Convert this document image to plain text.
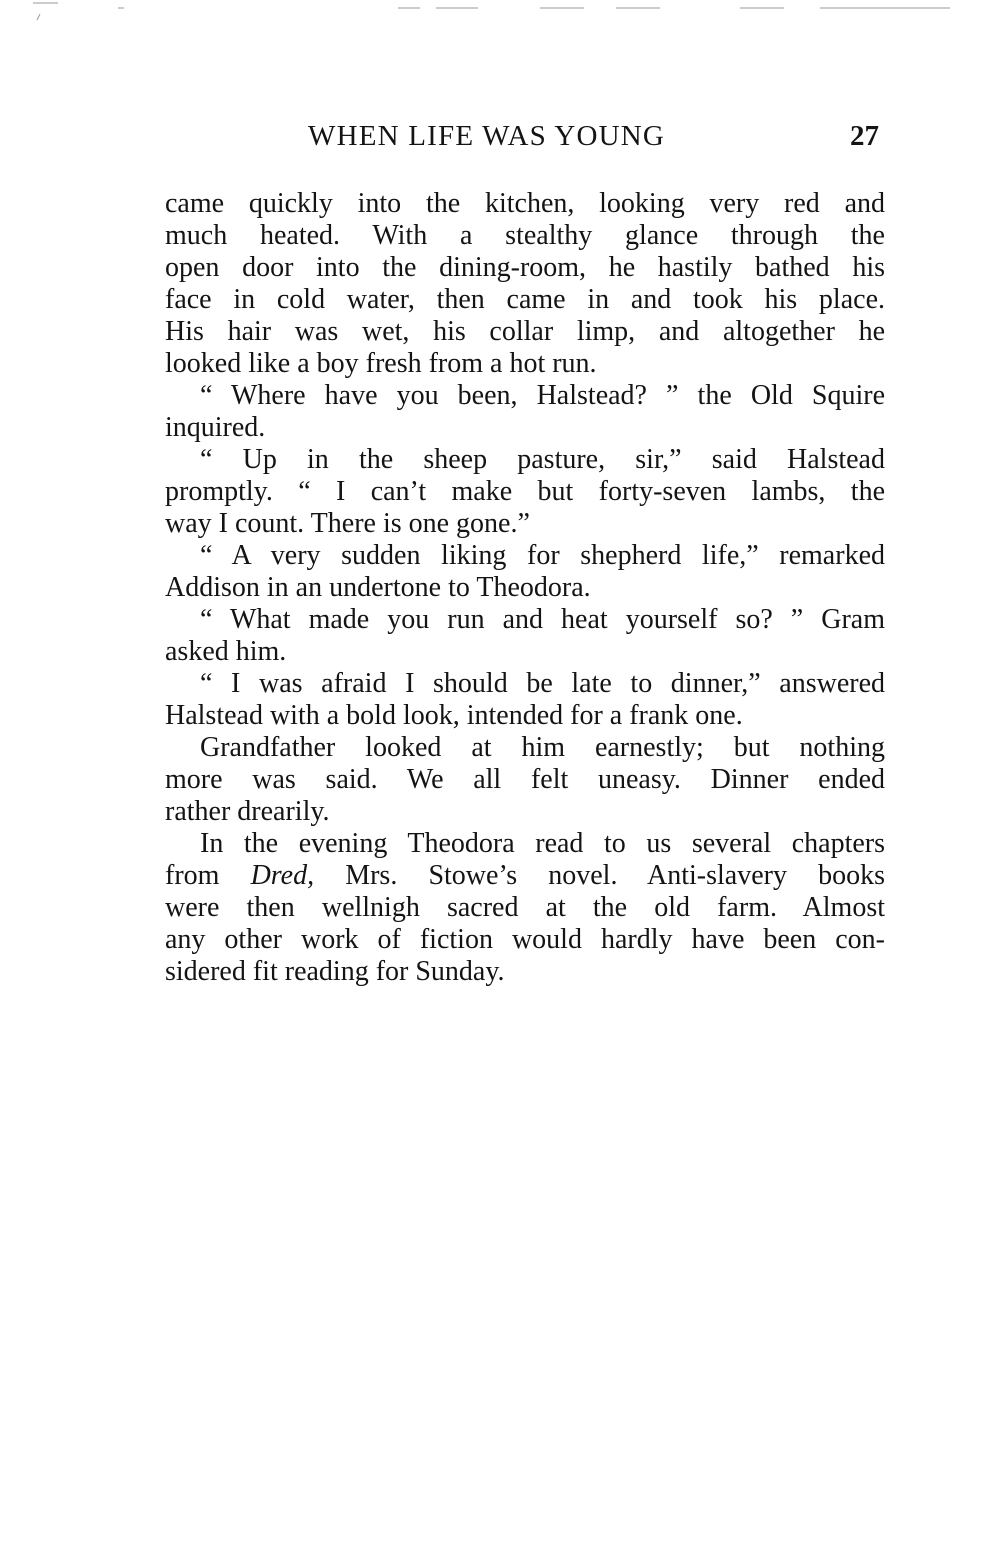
WHEN LIFE WAS YOUNG	27
came quickly into the kitchen, looking very red and
much heated. With a stealthy glance through the
open door into the dining-room, he hastily bathed his
face in cold water, then came in and took his place.
His hair was wet, his collar limp, and altogether he
looked like a boy fresh from a hot run.
“ Where have you been, Halstead? ” the Old Squire
inquired.
“ Up in the sheep pasture, sir,” said Halstead
promptly. “ I can’t make but forty-seven lambs, the
way I count. There is one gone.”
“ A very sudden liking for shepherd life,” remarked
Addison in an undertone to Theodora.
“ What made you run and heat yourself so? ” Gram
asked him.
“ I was afraid I should be late to dinner,” answered
Halstead with a bold look, intended for a frank one.
Grandfather looked at him earnestly; but nothing
more was said. We all felt uneasy. Dinner ended
rather drearily.
In the evening Theodora read to us several chapters
from Dred, Mrs. Stowe’s novel. Anti-slavery books
were then wellnigh sacred at the old farm. Almost
any other work of fiction would hardly have been con-
sidered fit reading for Sunday.
